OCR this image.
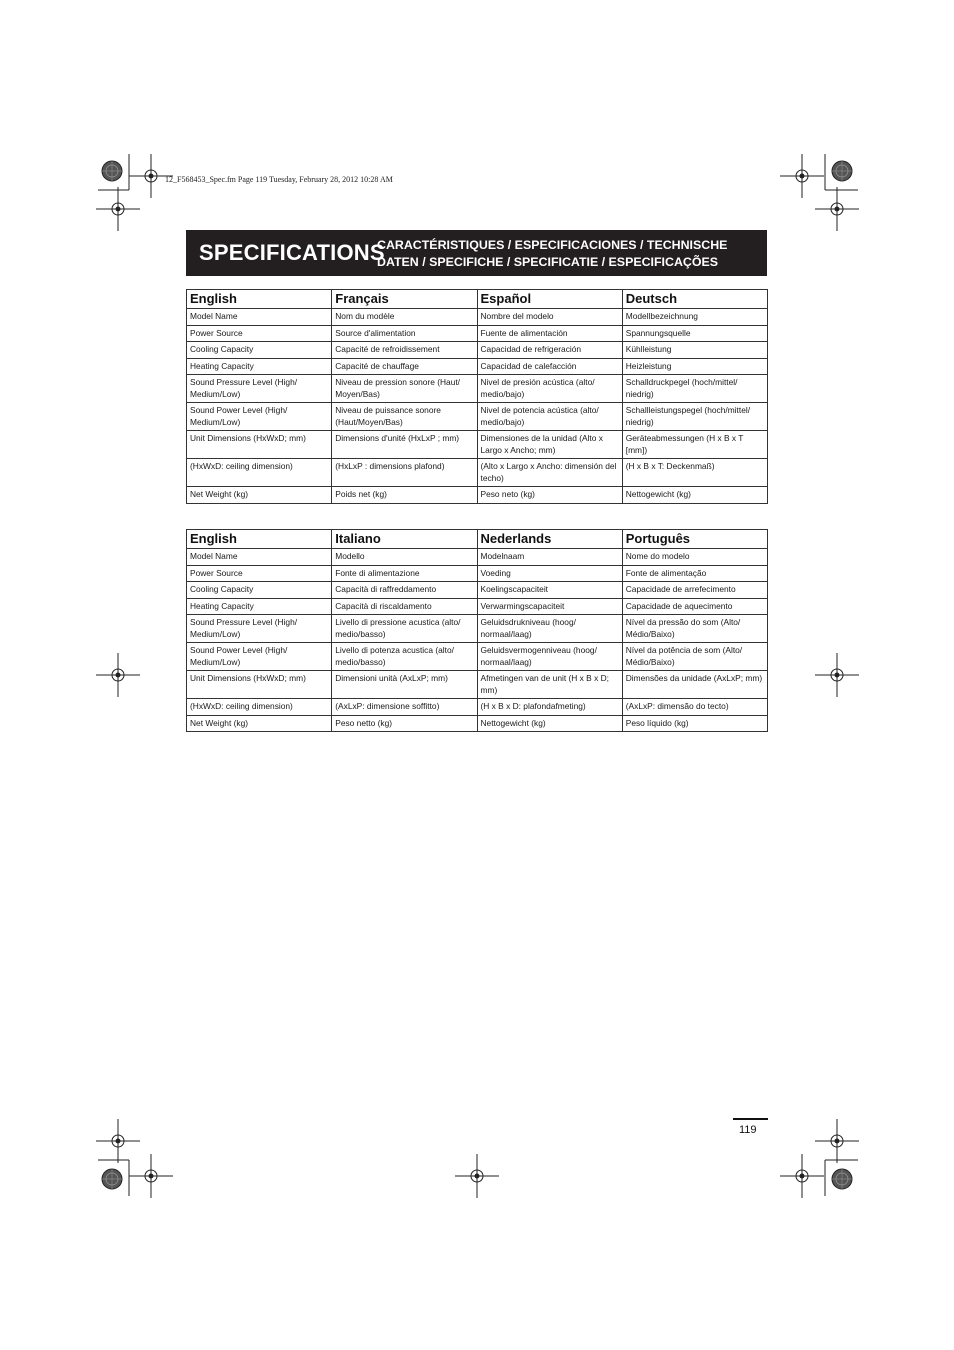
12_F568453_Spec.fm Page 119 Tuesday, February 28, 2012 10:28 AM
SPECIFICATIONS
CARACTÉRISTIQUES / ESPECIFICACIONES / TECHNISCHE DATEN / SPECIFICHE / SPECIFICATIE / ESPECIFICAÇÕES
English	Français	Español	Deutsch
Model Name	Nom du modèle	Nombre del modelo	Modellbezeichnung
Power Source	Source d'alimentation	Fuente de alimentación	Spannungsquelle
Cooling Capacity	Capacité de refroidissement	Capacidad de refrigeración	Kühlleistung
Heating Capacity	Capacité de chauffage	Capacidad de calefacción	Heizleistung
Sound Pressure Level (High/ Medium/Low)	Niveau de pression sonore (Haut/ Moyen/Bas)	Nivel de presión acústica (alto/ medio/bajo)	Schalldruckpegel (hoch/mittel/ niedrig)
Sound Power Level (High/ Medium/Low)	Niveau de puissance sonore (Haut/Moyen/Bas)	Nivel de potencia acústica (alto/ medio/bajo)	Schallleistungspegel (hoch/mittel/ niedrig)
Unit Dimensions (HxWxD; mm)	Dimensions d'unité (HxLxP ; mm)	Dimensiones de la unidad (Alto x Largo x Ancho; mm)	Geräteabmessungen (H x B x T [mm])
(HxWxD: ceiling dimension)	(HxLxP : dimensions plafond)	(Alto x Largo x Ancho: dimensión del techo)	(H x B x T: Deckenmaß)
Net Weight (kg)	Poids net (kg)	Peso neto (kg)	Nettogewicht (kg)
English	Italiano	Nederlands	Português
Model Name	Modello	Modelnaam	Nome do modelo
Power Source	Fonte di alimentazione	Voeding	Fonte de alimentação
Cooling Capacity	Capacità di raffreddamento	Koelingscapaciteit	Capacidade de arrefecimento
Heating Capacity	Capacità di riscaldamento	Verwarmingscapaciteit	Capacidade de aquecimento
Sound Pressure Level (High/ Medium/Low)	Livello di pressione acustica (alto/ medio/basso)	Geluidsdrukniveau (hoog/ normaal/laag)	Nível da pressão do som (Alto/ Médio/Baixo)
Sound Power Level (High/ Medium/Low)	Livello di potenza acustica (alto/ medio/basso)	Geluidsvermogenniveau (hoog/ normaal/laag)	Nível da potência de som (Alto/ Médio/Baixo)
Unit Dimensions (HxWxD; mm)	Dimensioni unità (AxLxP; mm)	Afmetingen van de unit (H x B x D; mm)	Dimensões da unidade (AxLxP; mm)
(HxWxD: ceiling dimension)	(AxLxP: dimensione soffitto)	(H x B x D: plafondafmeting)	(AxLxP: dimensão do tecto)
Net Weight (kg)	Peso netto (kg)	Nettogewicht (kg)	Peso líquido (kg)
119
